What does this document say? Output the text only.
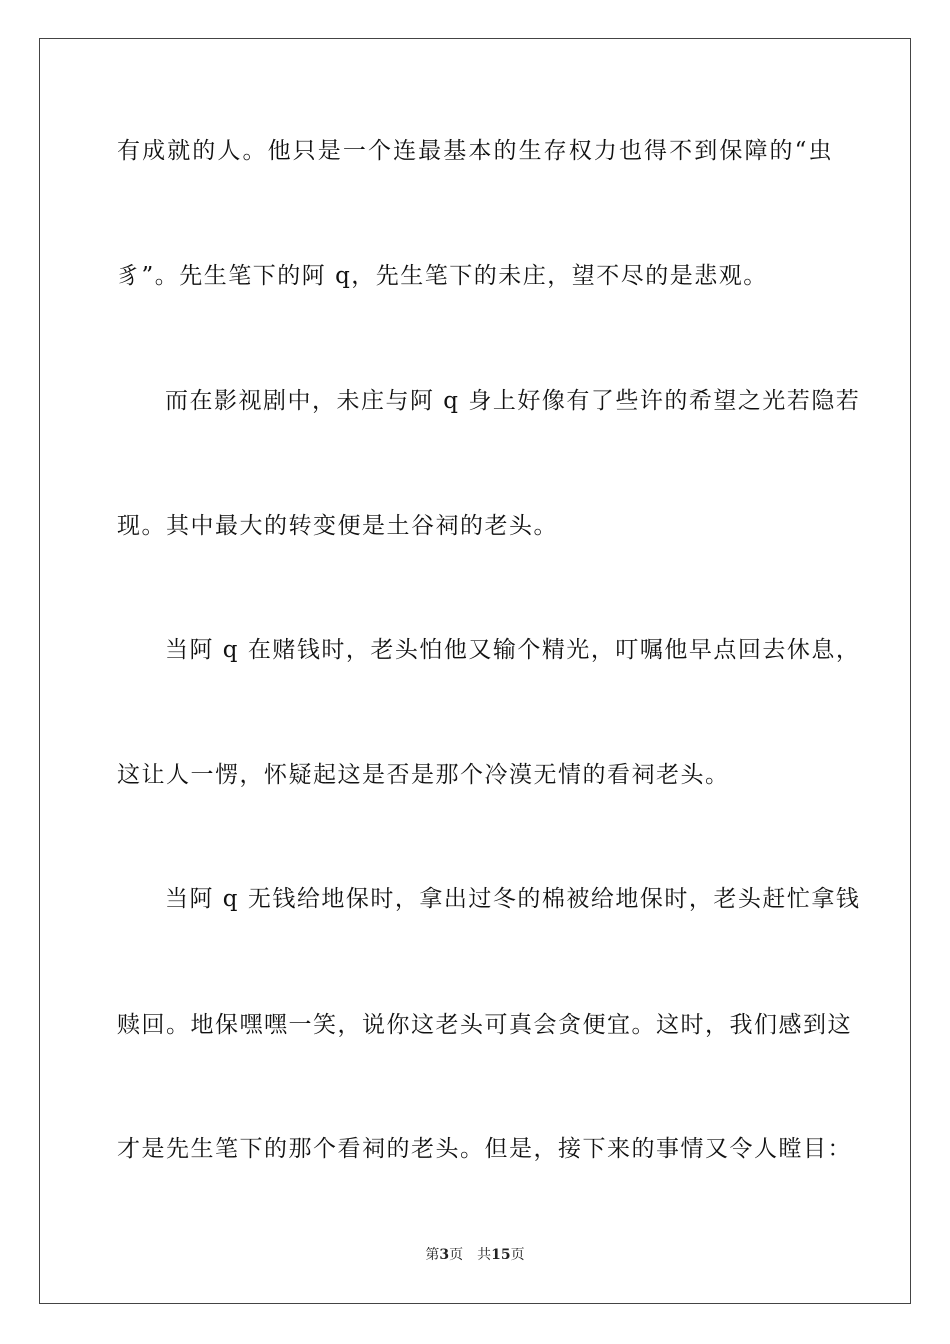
有成就的人。他只是一个连最基本的生存权力也得不到保障的“虫
豸”。先生笔下的阿 q，先生笔下的未庄，望不尽的是悲观。
而在影视剧中，未庄与阿 q 身上好像有了些许的希望之光若隐若
现。其中最大的转变便是土谷祠的老头。
当阿 q 在赌钱时，老头怕他又输个精光，叮嘱他早点回去休息，
这让人一愣，怀疑起这是否是那个冷漠无情的看祠老头。
当阿 q 无钱给地保时，拿出过冬的棉被给地保时，老头赶忙拿钱
赎回。地保嘿嘿一笑，说你这老头可真会贪便宜。这时，我们感到这
才是先生笔下的那个看祠的老头。但是，接下来的事情又令人瞠目：
第3页 共15页
